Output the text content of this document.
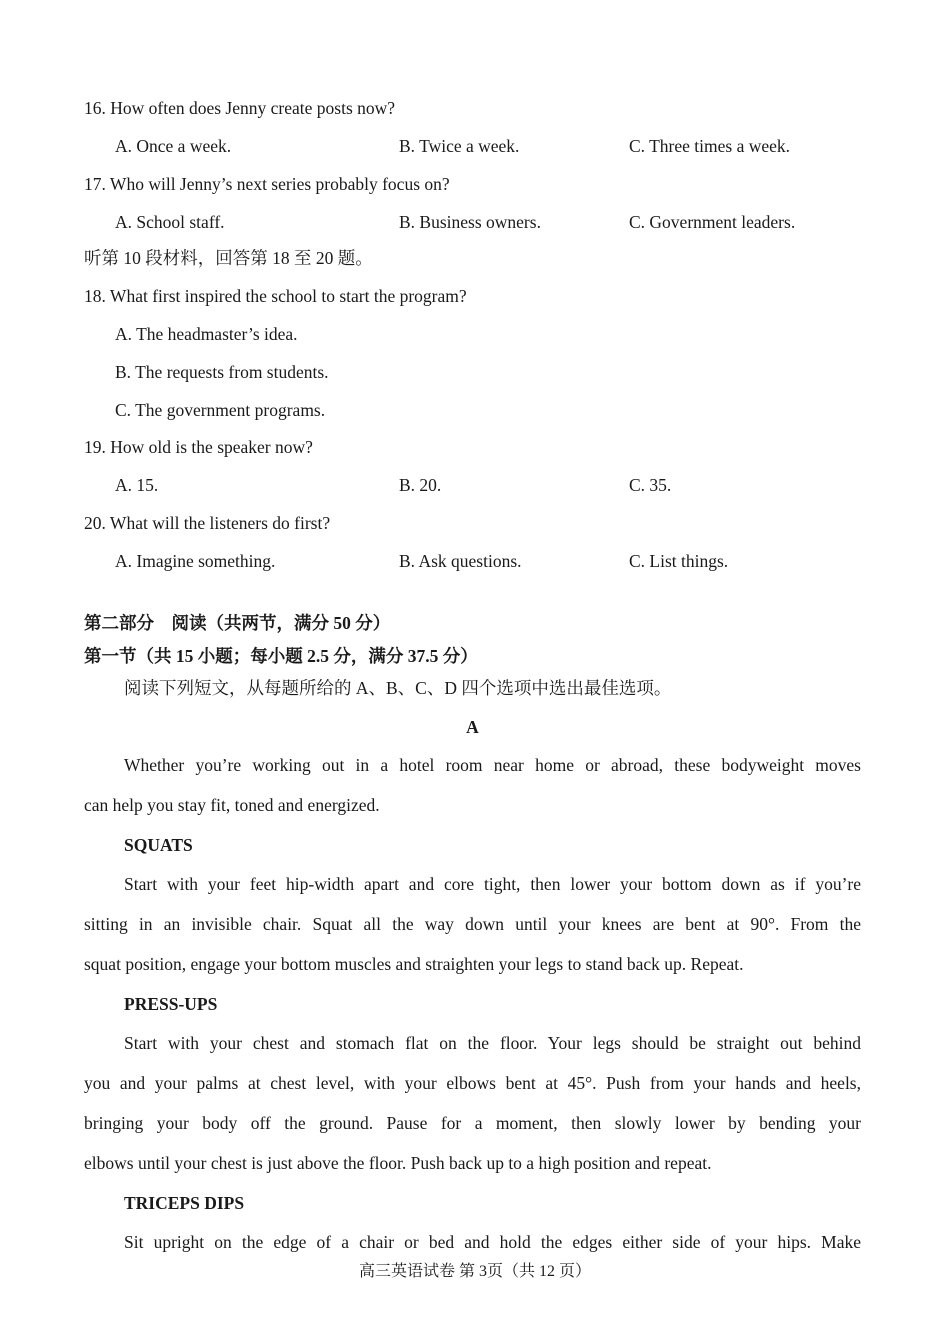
16. How often does Jenny create posts now?
A. Once a week.	B. Twice a week.	C. Three times a week.
17. Who will Jenny’s next series probably focus on?
A. School staff.	B. Business owners.	C. Government leaders.
听第 10 段材料，回答第 18 至 20 题。
18. What first inspired the school to start the program?
A. The headmaster’s idea.
B. The requests from students.
C. The government programs.
19. How old is the speaker now?
A. 15.	B. 20.	C. 35.
20. What will the listeners do first?
A. Imagine something.	B. Ask questions.	C. List things.
第二部分　阅读（共两节，满分 50 分）
第一节（共 15 小题；每小题 2.5 分，满分 37.5 分）
阅读下列短文，从每题所给的 A、B、C、D 四个选项中选出最佳选项。
A
Whether you’re working out in a hotel room near home or abroad, these bodyweight moves
can help you stay fit, toned and energized.
SQUATS
Start with your feet hip-width apart and core tight, then lower your bottom down as if you’re
sitting in an invisible chair. Squat all the way down until your knees are bent at 90°. From the
squat position, engage your bottom muscles and straighten your legs to stand back up. Repeat.
PRESS-UPS
Start with your chest and stomach flat on the floor. Your legs should be straight out behind
you and your palms at chest level, with your elbows bent at 45°. Push from your hands and heels,
bringing your body off the ground. Pause for a moment, then slowly lower by bending your
elbows until your chest is just above the floor. Push back up to a high position and repeat.
TRICEPS DIPS
Sit upright on the edge of a chair or bed and hold the edges either side of your hips. Make
高三英语试卷 第 3页（共 12 页）
